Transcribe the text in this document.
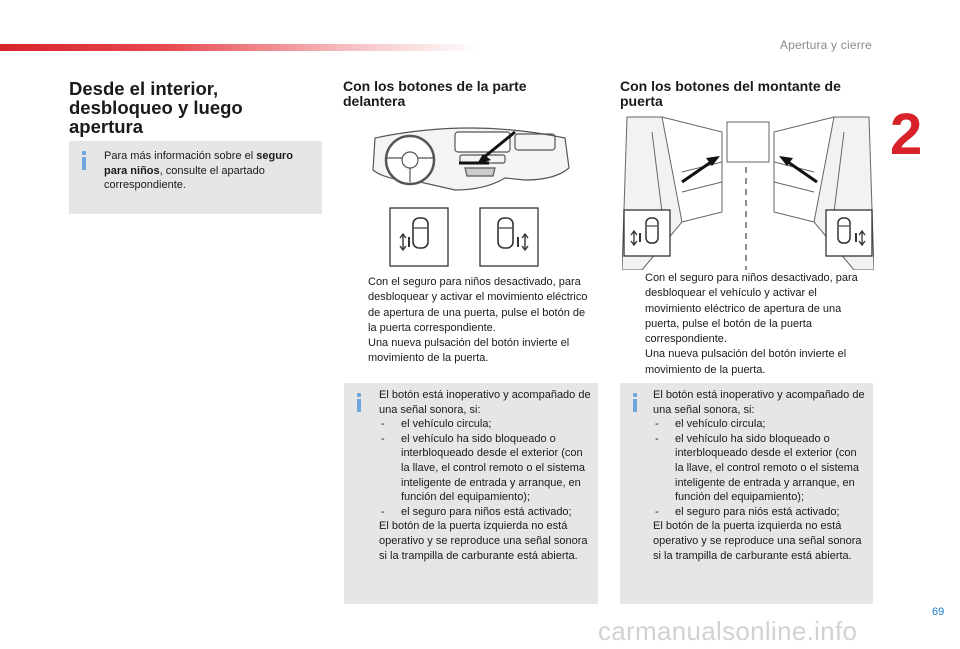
Apertura y cierre
2
Desde el interior, desbloqueo y luego apertura

Para más información sobre el seguro para niños, consulte el apartado correspondiente.

Con los botones de la parte delantera
Con el seguro para niños desactivado, para desbloquear y activar el movimiento eléctrico de apertura de una puerta, pulse el botón de la puerta correspondiente.
Una nueva pulsación del botón invierte el movimiento de la puerta.

El botón está inoperativo y acompañado de una señal sonora, si:

- el vehículo circula;
- el vehículo ha sido bloqueado o interbloqueado desde el exterior (con la llave, el control remoto o el sistema inteligente de entrada y arranque, en función del equipamiento);
- el seguro para niños está activado;

El botón de la puerta izquierda no está operativo y se reproduce una señal sonora si la trampilla de carburante está abierta.

Con los botones del montante de puerta
Con el seguro para niños desactivado, para desbloquear el vehículo y activar el movimiento eléctrico de apertura de una puerta, pulse el botón de la puerta correspondiente.
Una nueva pulsación del botón invierte el movimiento de la puerta.

El botón está inoperativo y acompañado de una señal sonora, si:

- el vehículo circula;
- el vehículo ha sido bloqueado o interbloqueado desde el exterior (con la llave, el control remoto o el sistema inteligente de entrada y arranque, en función del equipamiento);
- el seguro para niós está activado;

El botón de la puerta izquierda no está operativo y se reproduce una señal sonora si la trampilla de carburante está abierta.

69
carmanualsonline.info
